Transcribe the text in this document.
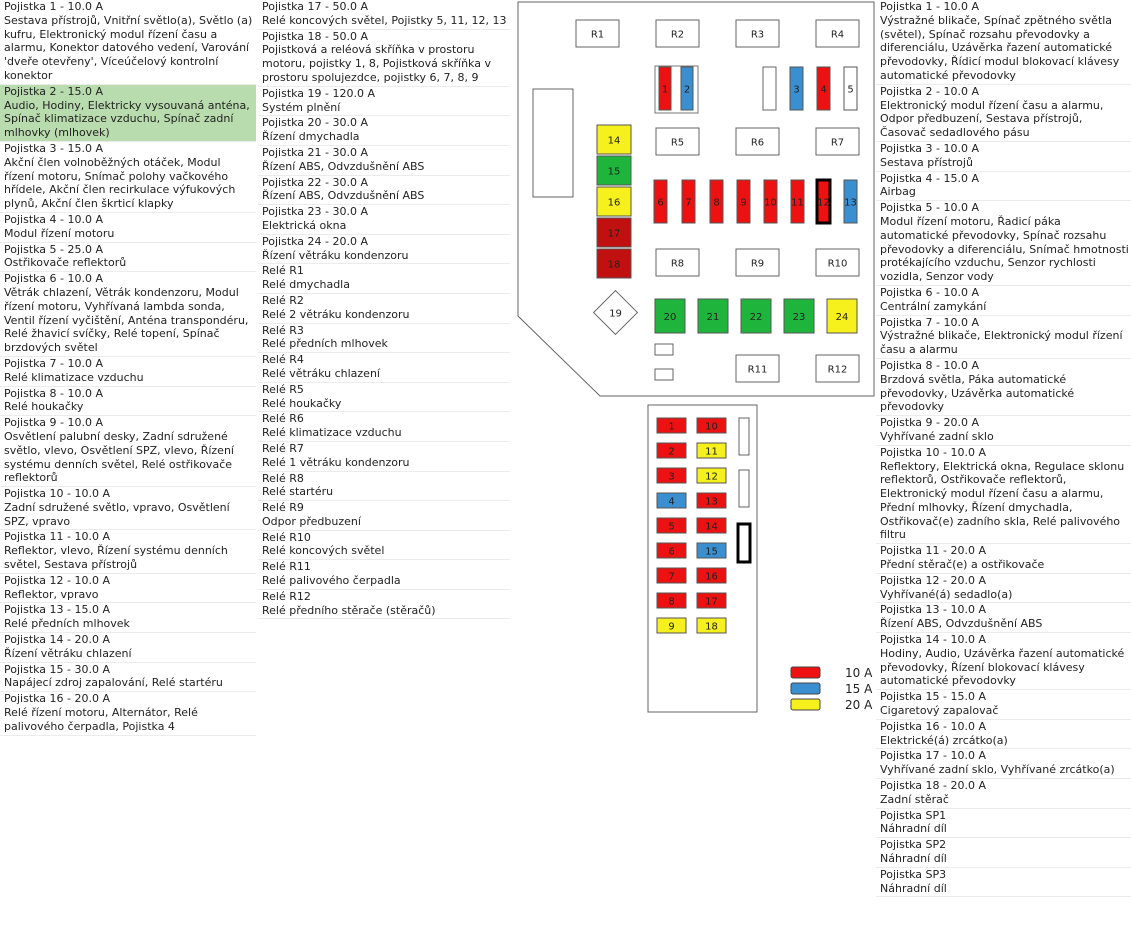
Pojistka 1 - 10.0 A
Sestava přístrojů, Vnitřní světlo(a), Světlo (a) kufru, Elektronický modul řízení času a alarmu, Konektor datového vedení, Varování 'dveře otevřeny', Víceúčelový kontrolní konektor
Pojistka 2 - 15.0 A
Audio, Hodiny, Elektricky vysouvaná anténa, Spínač klimatizace vzduchu, Spínač zadní mlhovky (mlhovek)
Pojistka 3 - 15.0 A
Akční člen volnoběžných otáček, Modul řízení motoru, Snímač polohy vačkového hřídele, Akční člen recirkulace výfukových plynů, Akční člen škrticí klapky
Pojistka 4 - 10.0 A
Modul řízení motoru
Pojistka 5 - 25.0 A
Ostřikovače reflektorů
Pojistka 6 - 10.0 A
Větrák chlazení, Větrák kondenzoru, Modul řízení motoru, Vyhřívaná lambda sonda, Ventil řízení vyčištění, Anténa transpondéru, Relé žhavicí svíčky, Relé topení, Spínač brzdových světel
Pojistka 7 - 10.0 A
Relé klimatizace vzduchu
Pojistka 8 - 10.0 A
Relé houkačky
Pojistka 9 - 10.0 A
Osvětlení palubní desky, Zadní sdružené světlo, vlevo, Osvětlení SPZ, vlevo, Řízení systému denních světel, Relé ostřikovače reflektorů
Pojistka 10 - 10.0 A
Zadní sdružené světlo, vpravo, Osvětlení SPZ, vpravo
Pojistka 11 - 10.0 A
Reflektor, vlevo, Řízení systému denních světel, Sestava přístrojů
Pojistka 12 - 10.0 A
Reflektor, vpravo
Pojistka 13 - 15.0 A
Relé předních mlhovek
Pojistka 14 - 20.0 A
Řízení větráku chlazení
Pojistka 15 - 30.0 A
Napájecí zdroj zapalování, Relé startéru
Pojistka 16 - 20.0 A
Relé řízení motoru, Alternátor, Relé palivového čerpadla, Pojistka 4
Pojistka 17 - 50.0 A
Relé koncových světel, Pojistky 5, 11, 12, 13
Pojistka 18 - 50.0 A
Pojistková a reléová skříňka v prostoru motoru, pojistky 1, 8, Pojistková skříňka v prostoru spolujezdce, pojistky 6, 7, 8, 9
Pojistka 19 - 120.0 A
Systém plnění
Pojistka 20 - 30.0 A
Řízení dmychadla
Pojistka 21 - 30.0 A
Řízení ABS, Odvzdušnění ABS
Pojistka 22 - 30.0 A
Řízení ABS, Odvzdušnění ABS
Pojistka 23 - 30.0 A
Elektrická okna
Pojistka 24 - 20.0 A
Řízení větráku kondenzoru
Relé R1
Relé dmychadla
Relé R2
Relé 2 větráku kondenzoru
Relé R3
Relé předních mlhovek
Relé R4
Relé větráku chlazení
Relé R5
Relé houkačky
Relé R6
Relé klimatizace vzduchu
Relé R7
Relé 1 větráku kondenzoru
Relé R8
Relé startéru
Relé R9
Odpor předbuzení
Relé R10
Relé koncových světel
Relé R11
Relé palivového čerpadla
Relé R12
Relé předního stěrače (stěračů)
Pojistka 1 - 10.0 A
Výstražné blikače, Spínač zpětného světla (světel), Spínač rozsahu převodovky a diferenciálu, Uzávěrka řazení automatické převodovky, Řídicí modul blokovací klávesy automatické převodovky
Pojistka 2 - 10.0 A
Elektronický modul řízení času a alarmu, Odpor předbuzení, Sestava přístrojů, Časovač sedadlového pásu
Pojistka 3 - 10.0 A
Sestava přístrojů
Pojistka 4 - 15.0 A
Airbag
Pojistka 5 - 10.0 A
Modul řízení motoru, Řadicí páka automatické převodovky, Spínač rozsahu převodovky a diferenciálu, Snímač hmotnosti protékajícího vzduchu, Senzor rychlosti vozidla, Senzor vody
Pojistka 6 - 10.0 A
Centrální zamykání
Pojistka 7 - 10.0 A
Výstražné blikače, Elektronický modul řízení času a alarmu
Pojistka 8 - 10.0 A
Brzdová světla, Páka automatické převodovky, Uzávěrka automatické převodovky
Pojistka 9 - 20.0 A
Vyhřívané zadní sklo
Pojistka 10 - 10.0 A
Reflektory, Elektrická okna, Regulace sklonu reflektorů, Ostřikovače reflektorů, Elektronický modul řízení času a alarmu, Přední mlhovky, Řízení dmychadla, Ostřikovač(e) zadního skla, Relé palivového filtru
Pojistka 11 - 20.0 A
Přední stěrač(e) a ostřikovače
Pojistka 12 - 20.0 A
Vyhřívané(á) sedadlo(a)
Pojistka 13 - 10.0 A
Řízení ABS, Odvzdušnění ABS
Pojistka 14 - 10.0 A
Hodiny, Audio, Uzávěrka řazení automatické převodovky, Řízení blokovací klávesy automatické převodovky
Pojistka 15 - 15.0 A
Cigaretový zapalovač
Pojistka 16 - 10.0 A
Elektrické(á) zrcátko(a)
Pojistka 17 - 10.0 A
Vyhřívané zadní sklo, Vyhřívané zrcátko(a)
Pojistka 18 - 20.0 A
Zadní stěrač
Pojistka SP1
Náhradní díl
Pojistka SP2
Náhradní díl
Pojistka SP3
Náhradní díl
R1	R2	R3	R4
R5	R6	R7
R8	R9	R10
R11	R12
1 2	3 4 5
6 7 8 9 10 11 12 13
14
15
16
17
18
19	20	21	22	23	24
1	10
2	11
3	12
4	13
5	14
6	15
7	16
8	17
9	18
10 A
15 A
20 A
